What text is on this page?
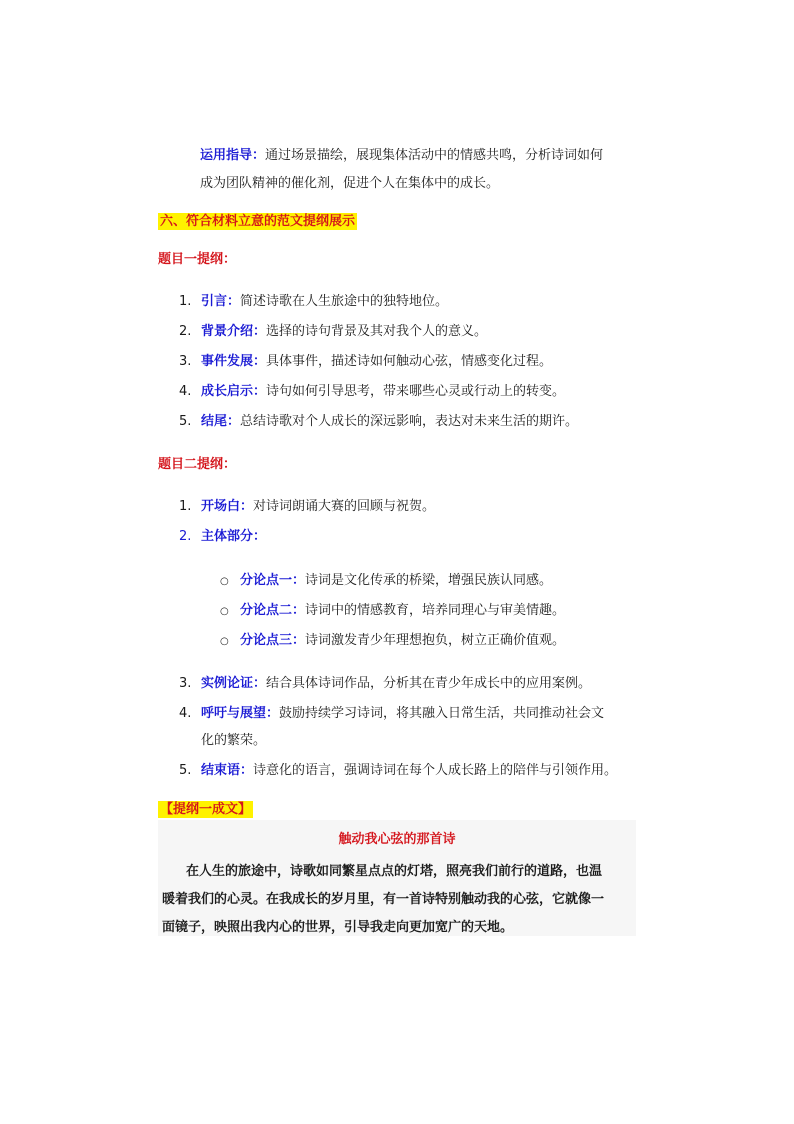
运用指导：通过场景描绘，展现集体活动中的情感共鸣，分析诗词如何
成为团队精神的催化剂，促进个人在集体中的成长。
六、符合材料立意的范文提纲展示
题目一提纲：
1. 引言：简述诗歌在人生旅途中的独特地位。
2. 背景介绍：选择的诗句背景及其对我个人的意义。
3. 事件发展：具体事件，描述诗如何触动心弦，情感变化过程。
4. 成长启示：诗句如何引导思考，带来哪些心灵或行动上的转变。
5. 结尾：总结诗歌对个人成长的深远影响，表达对未来生活的期许。
题目二提纲：
1. 开场白：对诗词朗诵大赛的回顾与祝贺。
2. 主体部分：
○ 分论点一：诗词是文化传承的桥梁，增强民族认同感。
○ 分论点二：诗词中的情感教育，培养同理心与审美情趣。
○ 分论点三：诗词激发青少年理想抱负，树立正确价值观。
3. 实例论证：结合具体诗词作品，分析其在青少年成长中的应用案例。
4. 呼吁与展望：鼓励持续学习诗词，将其融入日常生活，共同推动社会文
化的繁荣。
5. 结束语：诗意化的语言，强调诗词在每个人成长路上的陪伴与引领作用。
【提纲一成文】
触动我心弦的那首诗
在人生的旅途中，诗歌如同繁星点点的灯塔，照亮我们前行的道路，也温
暖着我们的心灵。在我成长的岁月里，有一首诗特别触动我的心弦，它就像一
面镜子，映照出我内心的世界，引导我走向更加宽广的天地。
